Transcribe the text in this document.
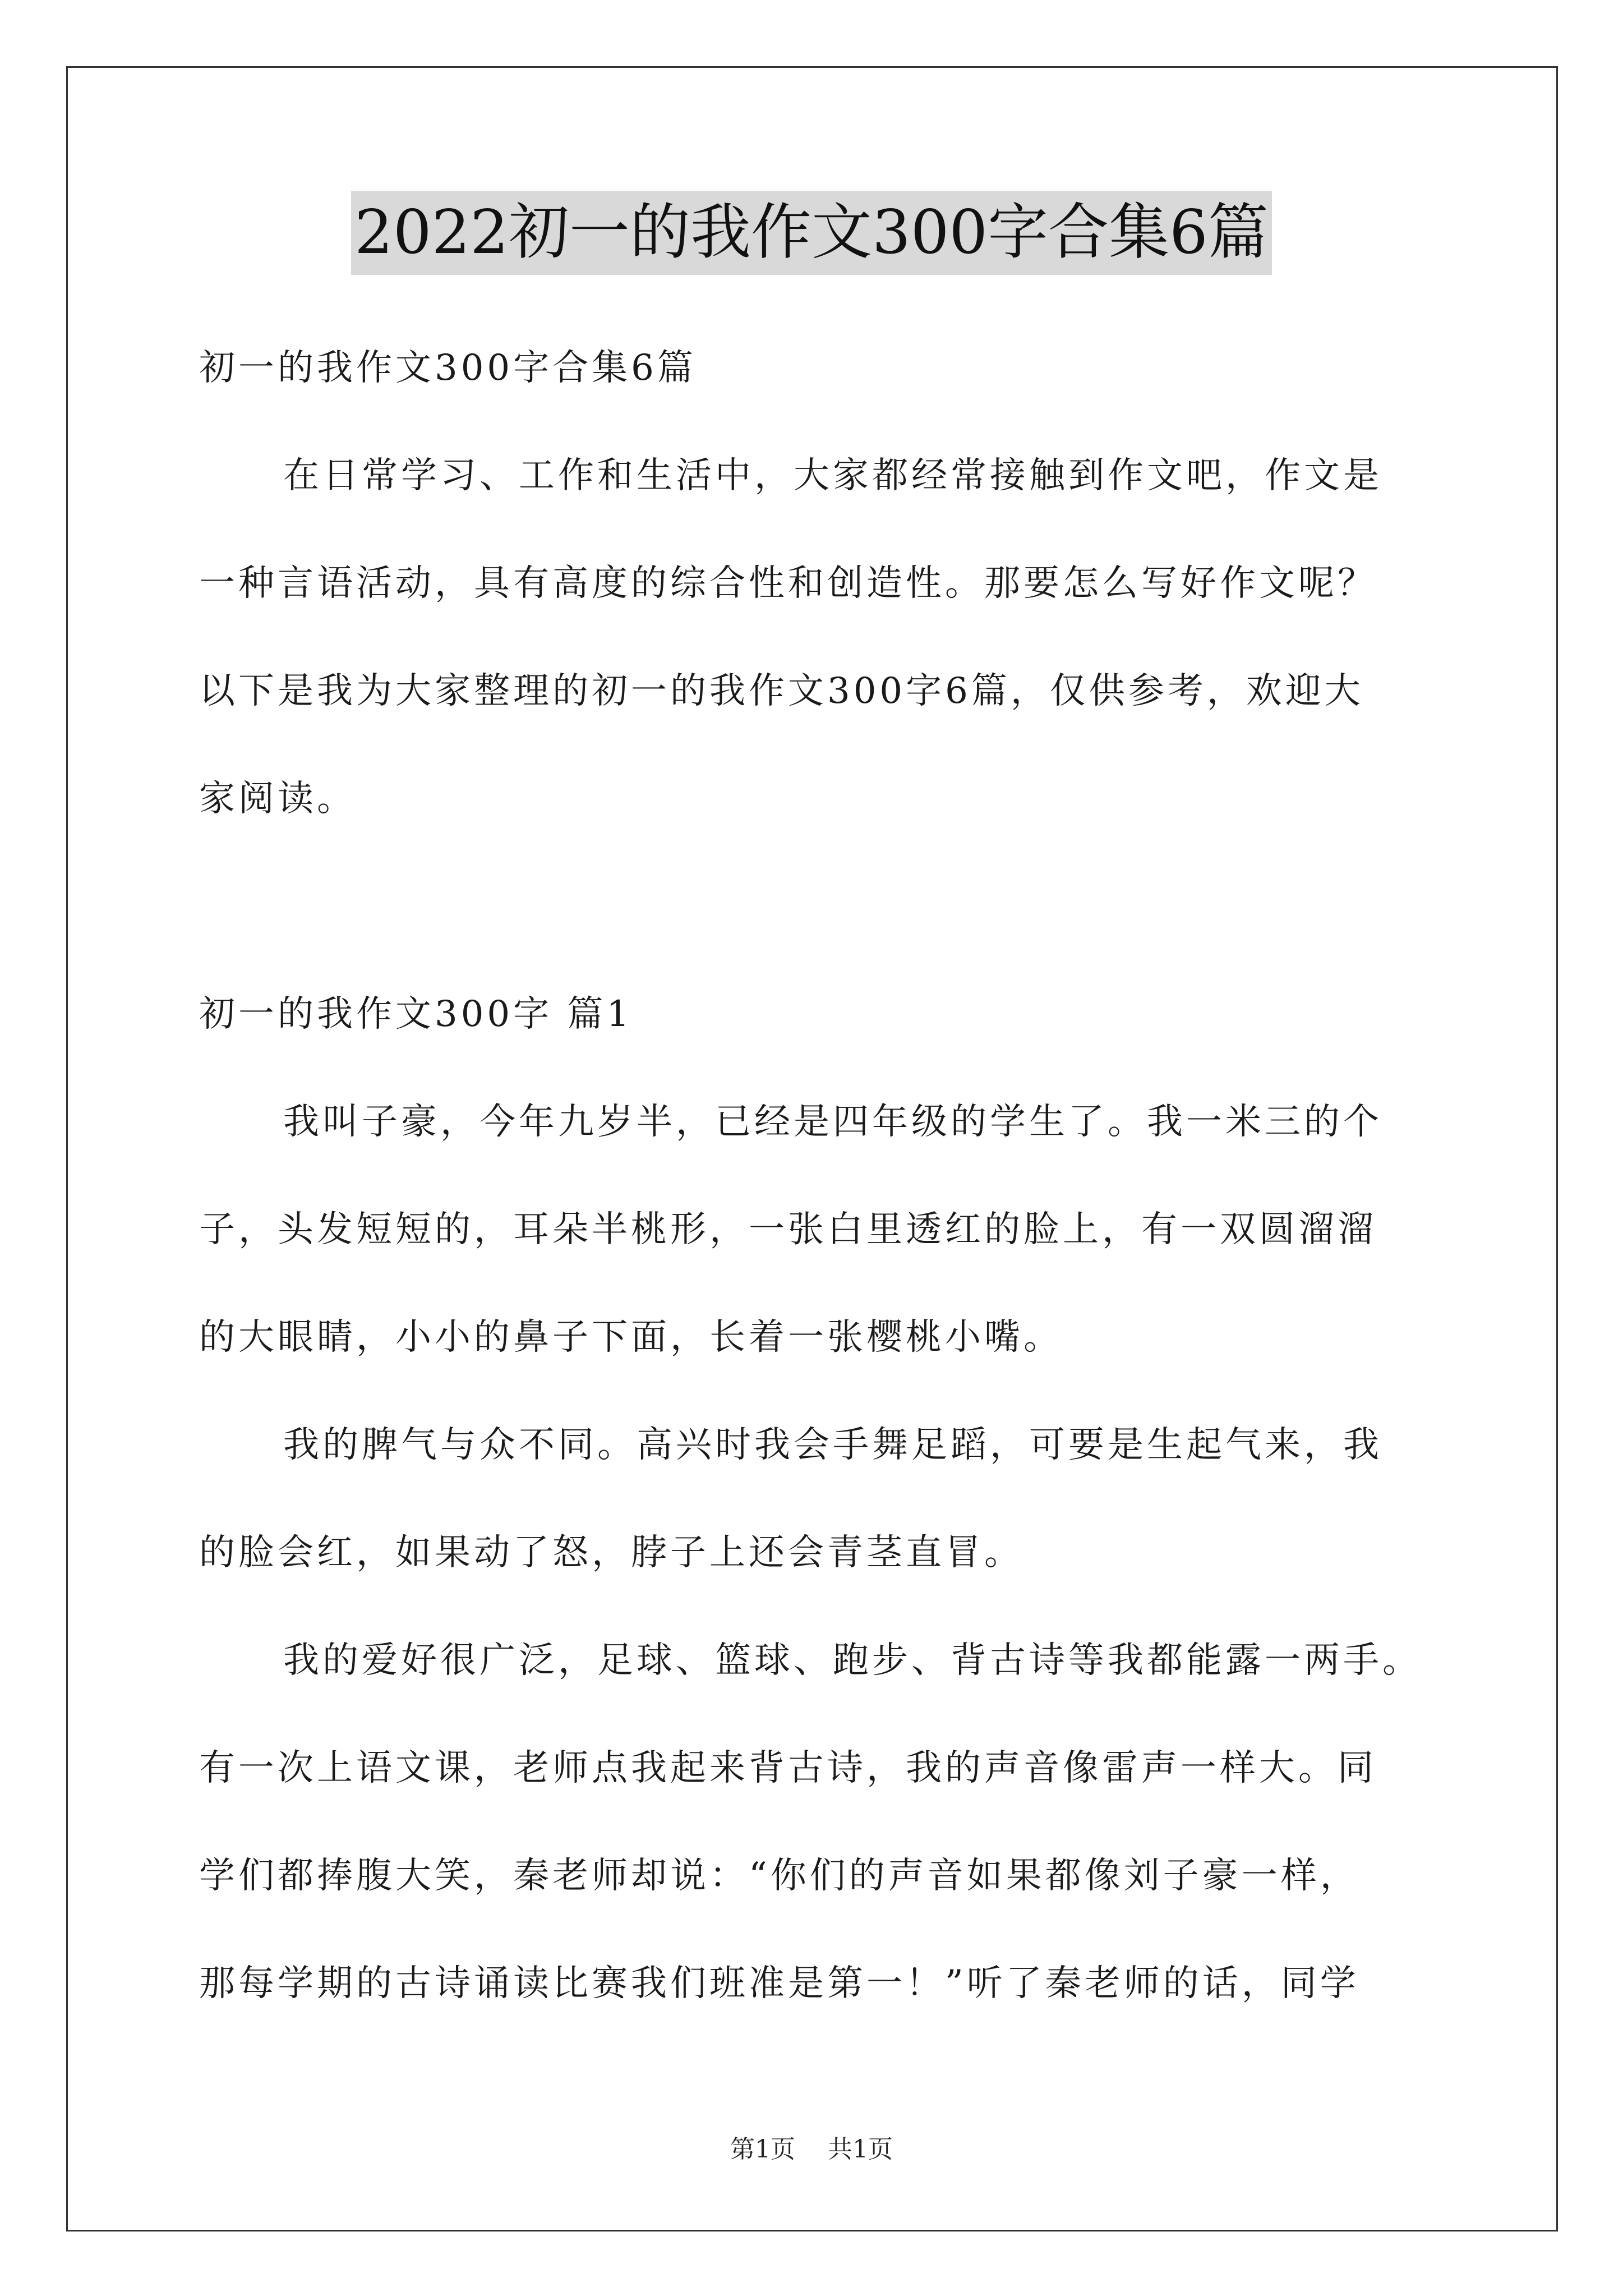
2022初一的我作文300字合集6篇
初一的我作文300字合集6篇
在日常学习、工作和生活中，大家都经常接触到作文吧，作文是
一种言语活动，具有高度的综合性和创造性。那要怎么写好作文呢？
以下是我为大家整理的初一的我作文300字6篇，仅供参考，欢迎大
家阅读。
初一的我作文300字 篇1
我叫子豪，今年九岁半，已经是四年级的学生了。我一米三的个
子，头发短短的，耳朵半桃形，一张白里透红的脸上，有一双圆溜溜
的大眼睛，小小的鼻子下面，长着一张樱桃小嘴。
我的脾气与众不同。高兴时我会手舞足蹈，可要是生起气来，我
的脸会红，如果动了怒，脖子上还会青茎直冒。
我的爱好很广泛，足球、篮球、跑步、背古诗等我都能露一两手。
有一次上语文课，老师点我起来背古诗，我的声音像雷声一样大。同
学们都捧腹大笑，秦老师却说：“你们的声音如果都像刘子豪一样，
那每学期的古诗诵读比赛我们班准是第一！”听了秦老师的话，同学
第1页 共1页
